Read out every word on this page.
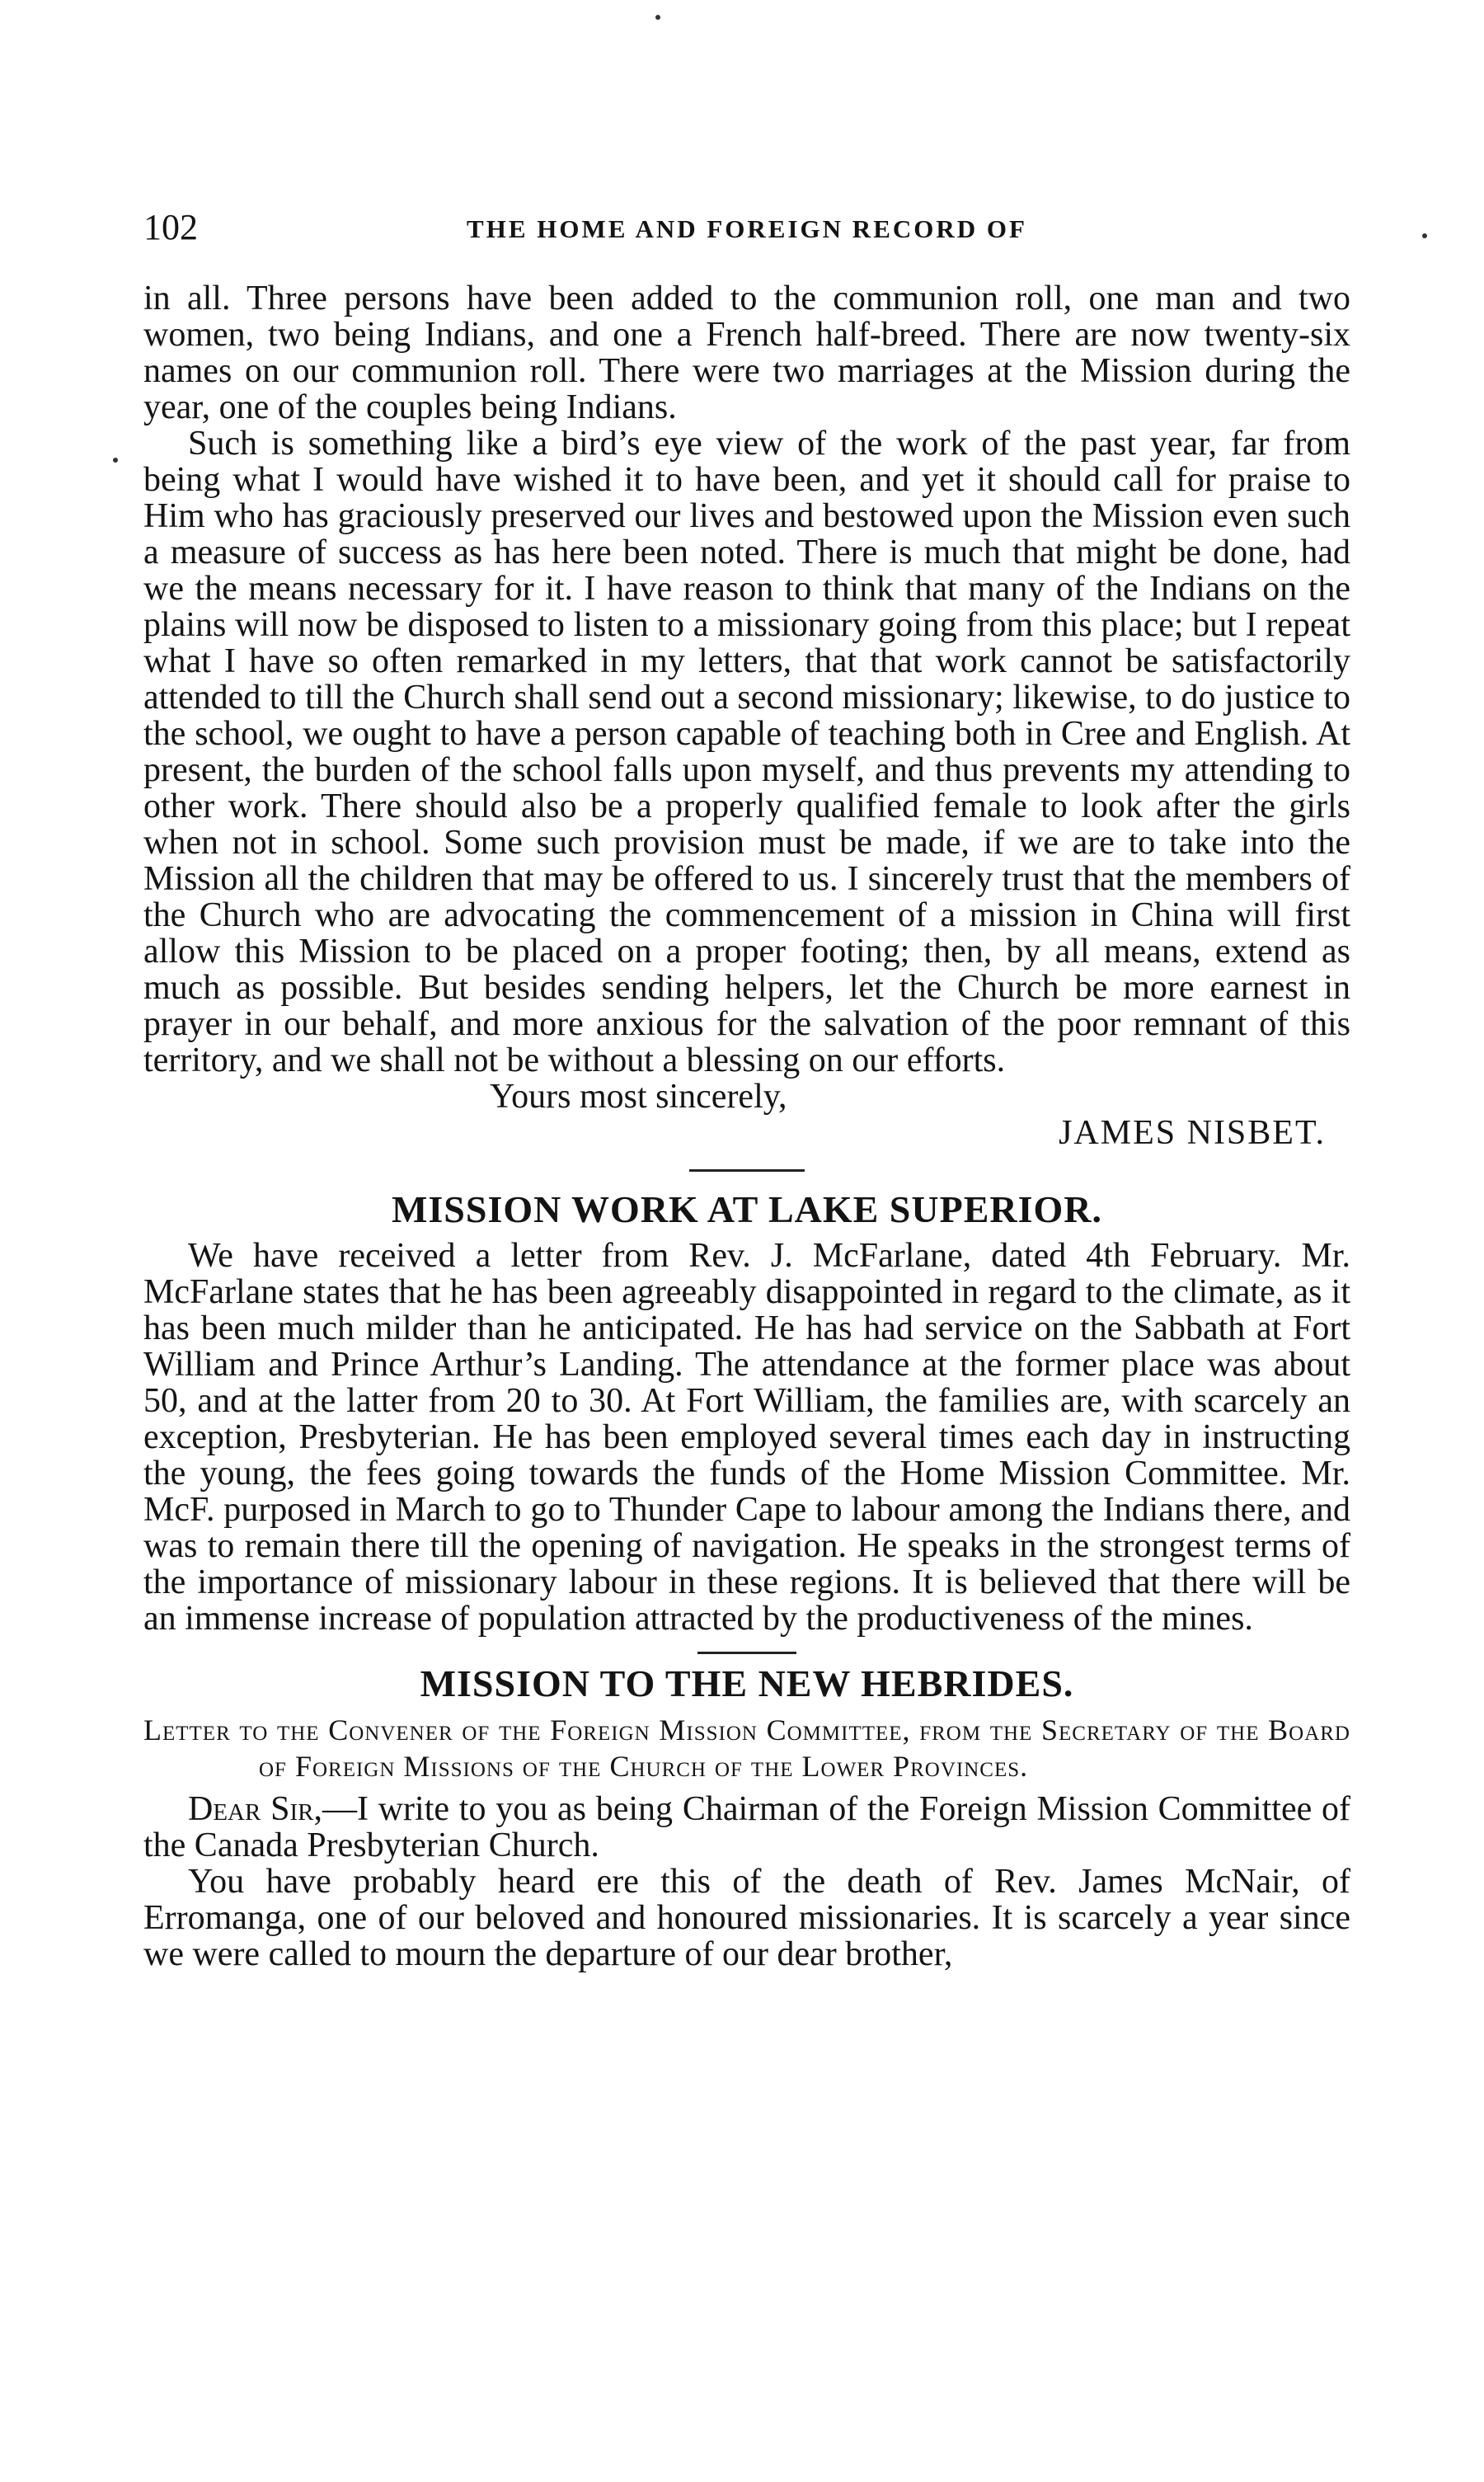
102	THE HOME AND FOREIGN RECORD OF

in all. Three persons have been added to the communion roll, one man and two women, two being Indians, and one a French half-breed. There are now twenty-six names on our communion roll. There were two marriages at the Mission during the year, one of the couples being Indians.

Such is something like a bird’s eye view of the work of the past year, far from being what I would have wished it to have been, and yet it should call for praise to Him who has graciously preserved our lives and bestowed upon the Mission even such a measure of success as has here been noted. There is much that might be done, had we the means necessary for it. I have reason to think that many of the Indians on the plains will now be disposed to listen to a missionary going from this place; but I repeat what I have so often remarked in my letters, that that work cannot be satisfactorily attended to till the Church shall send out a second missionary; likewise, to do justice to the school, we ought to have a person capable of teaching both in Cree and English. At present, the burden of the school falls upon myself, and thus prevents my attending to other work. There should also be a properly qualified female to look after the girls when not in school. Some such provision must be made, if we are to take into the Mission all the children that may be offered to us. I sincerely trust that the members of the Church who are advocating the commencement of a mission in China will first allow this Mission to be placed on a proper footing; then, by all means, extend as much as possible. But besides sending helpers, let the Church be more earnest in prayer in our behalf, and more anxious for the salvation of the poor remnant of this territory, and we shall not be without a blessing on our efforts.

Yours most sincerely,

JAMES NISBET.

MISSION WORK AT LAKE SUPERIOR.

We have received a letter from Rev. J. McFarlane, dated 4th February. Mr. McFarlane states that he has been agreeably disappointed in regard to the climate, as it has been much milder than he anticipated. He has had service on the Sabbath at Fort William and Prince Arthur’s Landing. The attendance at the former place was about 50, and at the latter from 20 to 30. At Fort William, the families are, with scarcely an exception, Presbyterian. He has been employed several times each day in instructing the young, the fees going towards the funds of the Home Mission Committee. Mr. McF. purposed in March to go to Thunder Cape to labour among the Indians there, and was to remain there till the opening of navigation. He speaks in the strongest terms of the importance of missionary labour in these regions. It is believed that there will be an immense increase of population attracted by the productiveness of the mines.

MISSION TO THE NEW HEBRIDES.

Letter to the Convener of the Foreign Mission Committee, from the Secretary of the Board of Foreign Missions of the Church of the Lower Provinces.

Dear Sir,—I write to you as being Chairman of the Foreign Mission Committee of the Canada Presbyterian Church.

You have probably heard ere this of the death of Rev. James McNair, of Erromanga, one of our beloved and honoured missionaries. It is scarcely a year since we were called to mourn the departure of our dear brother,
